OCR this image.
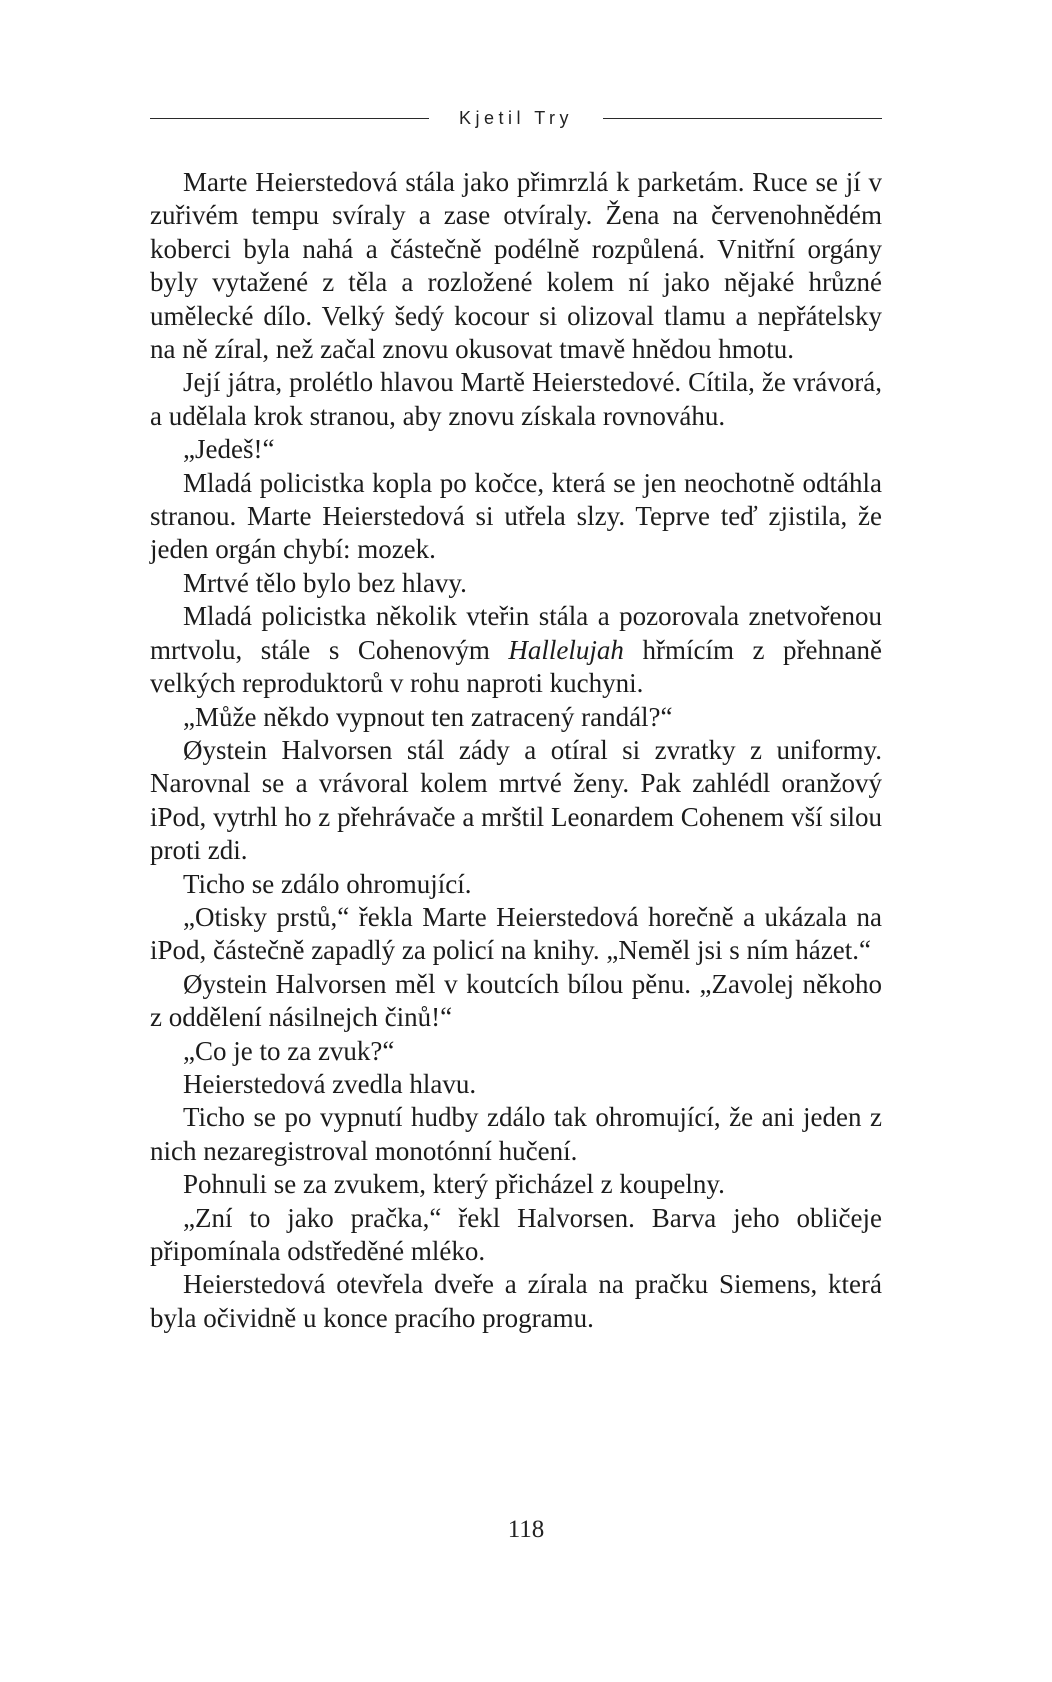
Kjetil Try

Marte Heierstedová stála jako přimrzlá k parketám. Ruce se jí v zuřivém tempu svíraly a zase otvíraly. Žena na červenohnědém koberci byla nahá a částečně podélně rozpůlená. Vnitřní orgány byly vytažené z těla a rozložené kolem ní jako nějaké hrůzné umělecké dílo. Velký šedý kocour si olizoval tlamu a nepřátelsky na ně zíral, než začal znovu okusovat tmavě hnědou hmotu.

Její játra, prolétlo hlavou Martě Heierstedové. Cítila, že vrávorá, a udělala krok stranou, aby znovu získala rovnováhu.

„Jedeš!“

Mladá policistka kopla po kočce, která se jen neochotně odtáhla stranou. Marte Heierstedová si utřela slzy. Teprve teď zjistila, že jeden orgán chybí: mozek.

Mrtvé tělo bylo bez hlavy.

Mladá policistka několik vteřin stála a pozorovala znetvořenou mrtvolu, stále s Cohenovým Hallelujah hřmícím z přehnaně velkých reproduktorů v rohu naproti kuchyni.

„Může někdo vypnout ten zatracený randál?“

Øystein Halvorsen stál zády a otíral si zvratky z uniformy. Narovnal se a vrávoral kolem mrtvé ženy. Pak zahlédl oranžový iPod, vytrhl ho z přehrávače a mrštil Leonardem Cohenem vší silou proti zdi.

Ticho se zdálo ohromující.

„Otisky prstů,“ řekla Marte Heierstedová horečně a ukázala na iPod, částečně zapadlý za policí na knihy. „Neměl jsi s ním házet.“

Øystein Halvorsen měl v koutcích bílou pěnu. „Zavolej někoho z oddělení násilnejch činů!“

„Co je to za zvuk?“

Heierstedová zvedla hlavu.

Ticho se po vypnutí hudby zdálo tak ohromující, že ani jeden z nich nezaregistroval monotónní hučení.

Pohnuli se za zvukem, který přicházel z koupelny.

„Zní to jako pračka,“ řekl Halvorsen. Barva jeho obličeje připomínala odstředěné mléko.

Heierstedová otevřela dveře a zírala na pračku Siemens, která byla očividně u konce pracího programu.

118
